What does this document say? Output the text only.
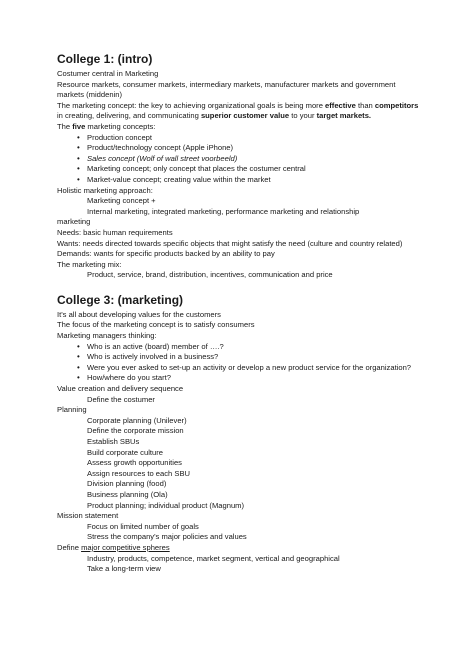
College 1: (intro)

Costumer central in Marketing

Resource markets, consumer markets, intermediary markets, manufacturer markets and government markets (middenin)

The marketing concept: the key to achieving organizational goals is being more effective than competitors in creating, delivering, and communicating superior customer value to your target markets.

The five marketing concepts:

• Production concept
• Product/technology concept (Apple iPhone)
• Sales concept (Wolf of wall street voorbeeld)
• Marketing concept; only concept that places the costumer central
• Market-value concept; creating value within the market

Holistic marketing approach:

Marketing concept +

Internal marketing, integrated marketing, performance marketing and relationship

marketing

Needs: basic human requirements

Wants: needs directed towards specific objects that might satisfy the need (culture and country related)

Demands: wants for specific products backed by an ability to pay

The marketing mix:

Product, service, brand, distribution, incentives, communication and price

College 3: (marketing)

It's all about developing values for the customers

The focus of the marketing concept is to satisfy consumers

Marketing managers thinking:

• Who is an active (board) member of ….?
• Who is actively involved in a business?
• Were you ever asked to set-up an activity or develop a new product service for the organization?
• How/where do you start?

Value creation and delivery sequence

Define the costumer

Planning

Corporate planning (Unilever)

Define the corporate mission

Establish SBUs

Build corporate culture

Assess growth opportunities

Assign resources to each SBU

Division planning (food)

Business planning (Ola)

Product planning; individual product (Magnum)

Mission statement

Focus on limited number of goals

Stress the company's major policies and values

Define major competitive spheres

Industry, products, competence, market segment, vertical and geographical

Take a long-term view
